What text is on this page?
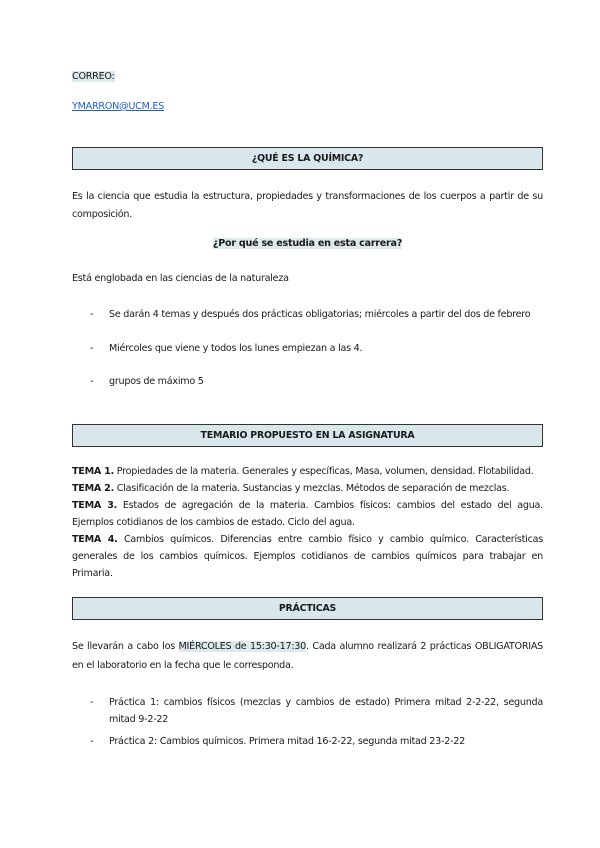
CORREO:
YMARRON@UCM.ES
¿QUÉ ES LA QUÍMICA?
Es la ciencia que estudia la estructura, propiedades y transformaciones de los cuerpos a partir de su composición.
¿Por qué se estudia en esta carrera?
Está englobada en las ciencias de la naturaleza
-	Se darán 4 temas y después dos prácticas obligatorias; miércoles a partir del dos de febrero
-	Miércoles que viene y todos los lunes empiezan a las 4.
-	grupos de máximo 5
TEMARIO PROPUESTO EN LA ASIGNATURA
TEMA 1. Propiedades de la materia. Generales y específicas, Masa, volumen, densidad. Flotabilidad.
TEMA 2. Clasificación de la materia. Sustancias y mezclas. Métodos de separación de mezclas.
TEMA 3. Estados de agregación de la materia. Cambios físicos: cambios del estado del agua. Ejemplos cotidianos de los cambios de estado. Ciclo del agua.
TEMA 4. Cambios químicos. Diferencias entre cambio físico y cambio químico. Características generales de los cambios químicos. Ejemplos cotidianos de cambios químicos para trabajar en Primaria.
PRÁCTICAS
Se llevarán a cabo los MIÉRCOLES de 15:30-17:30. Cada alumno realizará 2 prácticas OBLIGATORIAS en el laboratorio en la fecha que le corresponda.
-	Práctica 1: cambios físicos (mezclas y cambios de estado) Primera mitad 2-2-22, segunda mitad 9-2-22
-	Práctica 2: Cambios químicos. Primera mitad 16-2-22, segunda mitad 23-2-22
